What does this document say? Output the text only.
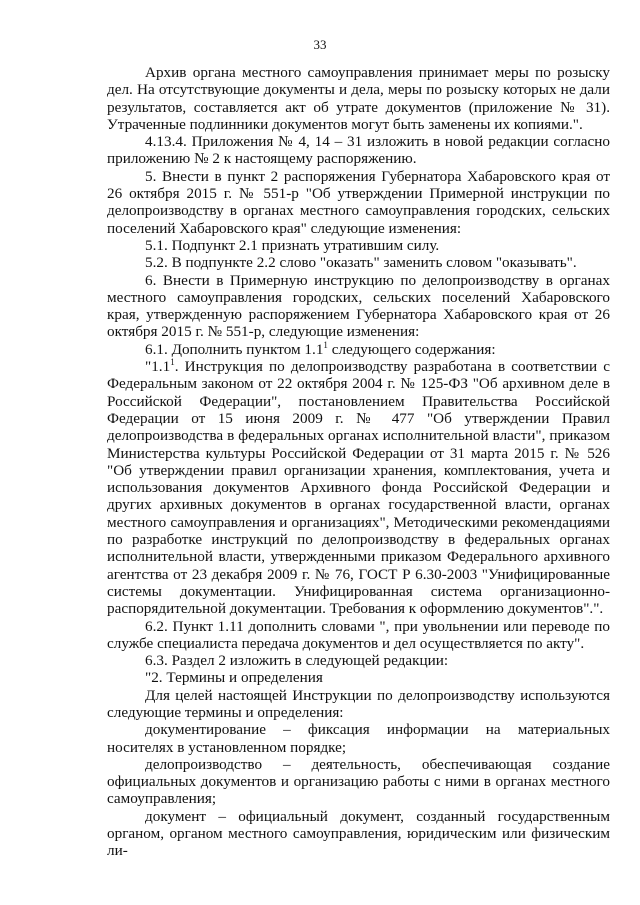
33

Архив органа местного самоуправления принимает меры по розыску дел. На отсутствующие документы и дела, меры по розыску которых не дали результатов, составляется акт об утрате документов (приложение № 31). Утраченные подлинники документов могут быть заменены их копиями.".

4.13.4. Приложения № 4, 14 – 31 изложить в новой редакции согласно приложению № 2 к настоящему распоряжению.

5. Внести в пункт 2 распоряжения Губернатора Хабаровского края от 26 октября 2015 г. № 551-р "Об утверждении Примерной инструкции по делопроизводству в органах местного самоуправления городских, сельских поселений Хабаровского края" следующие изменения:

5.1. Подпункт 2.1 признать утратившим силу.

5.2. В подпункте 2.2 слово "оказать" заменить словом "оказывать".

6. Внести в Примерную инструкцию по делопроизводству в органах местного самоуправления городских, сельских поселений Хабаровского края, утвержденную распоряжением Губернатора Хабаровского края от 26 октября 2015 г. № 551-р, следующие изменения:

6.1. Дополнить пунктом $1.1^1$ следующего содержания:

"$1.1^1$. Инструкция по делопроизводству разработана в соответствии с Федеральным законом от 22 октября 2004 г. № 125-ФЗ "Об архивном деле в Российской Федерации", постановлением Правительства Российской Федерации от 15 июня 2009 г. № 477 "Об утверждении Правил делопроизводства в федеральных органах исполнительной власти", приказом Министерства культуры Российской Федерации от 31 марта 2015 г. № 526 "Об утверждении правил организации хранения, комплектования, учета и использования документов Архивного фонда Российской Федерации и других архивных документов в органах государственной власти, органах местного самоуправления и организациях", Методическими рекомендациями по разработке инструкций по делопроизводству в федеральных органах исполнительной власти, утвержденными приказом Федерального архивного агентства от 23 декабря 2009 г. № 76, ГОСТ Р 6.30-2003 "Унифицированные системы документации. Унифицированная система организационно-распорядительной документации. Требования к оформлению документов".".

6.2. Пункт 1.11 дополнить словами ", при увольнении или переводе по службе специалиста передача документов и дел осуществляется по акту".

6.3. Раздел 2 изложить в следующей редакции:

"2. Термины и определения

Для целей настоящей Инструкции по делопроизводству используются следующие термины и определения:

документирование – фиксация информации на материальных носителях в установленном порядке;

делопроизводство – деятельность, обеспечивающая создание официальных документов и организацию работы с ними в органах местного самоуправления;

документ – официальный документ, созданный государственным органом, органом местного самоуправления, юридическим или физическим ли-
